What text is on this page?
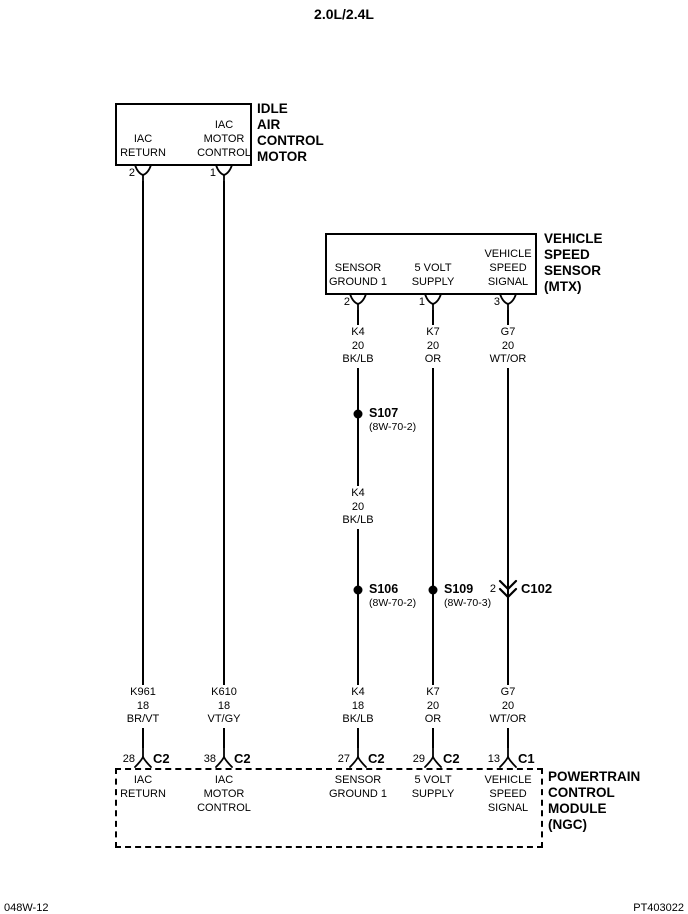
2.0L/2.4L
K4
20
BK/LB
K7
20
OR
G7
20
WT/OR
K4
20
BK/LB
K961
18
BR/VT
K610
18
VT/GY
K4
18
BK/LB
K7
20
OR
G7
20
WT/OR
IDLE
AIR
CONTROL
MOTOR
IAC
RETURN
2
IAC
MOTOR
CONTROL
1
VEHICLE
SPEED
SENSOR
(MTX)
SENSOR
GROUND 1
2
5 VOLT
SUPPLY
1
VEHICLE
SPEED
SIGNAL
3
S107
(8W-70-2)
S106
(8W-70-2)
S109
(8W-70-3)
2 C102
POWERTRAIN
CONTROL
MODULE
(NGC)
28 C2
IAC
RETURN
38 C2
IAC
MOTOR
CONTROL
27 C2
SENSOR
GROUND 1
29 C2
5 VOLT
SUPPLY
13 C1
VEHICLE
SPEED
SIGNAL
048W-12	PT403022
